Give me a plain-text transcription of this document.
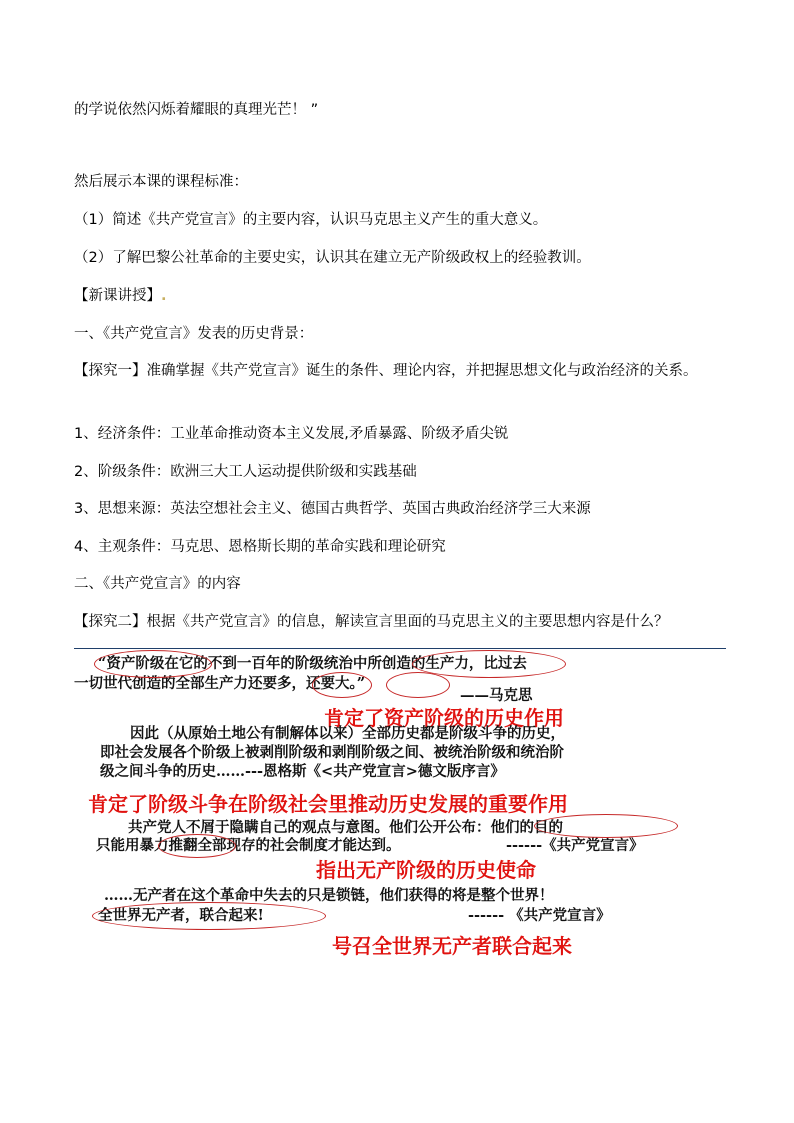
的学说依然闪烁着耀眼的真理光芒！ ”
然后展示本课的课程标准：
（1）简述《共产党宣言》的主要内容，认识马克思主义产生的重大意义。
（2）了解巴黎公社革命的主要史实，认识其在建立无产阶级政权上的经验教训。
【新课讲授】.
一、《共产党宣言》发表的历史背景：
【探究一】准确掌握《共产党宣言》诞生的条件、理论内容，并把握思想文化与政治经济的关系。
1、经济条件：工业革命推动资本主义发展,矛盾暴露、阶级矛盾尖锐
2、阶级条件：欧洲三大工人运动提供阶级和实践基础
3、思想来源：英法空想社会主义、德国古典哲学、英国古典政治经济学三大来源
4、主观条件：马克思、恩格斯长期的革命实践和理论研究
二、《共产党宣言》的内容
【探究二】根据《共产党宣言》的信息，解读宣言里面的马克思主义的主要思想内容是什么？
“资产阶级在它的不到一百年的阶级统治中所创造的生产力，比过去
一切世代创造的全部生产力还要多，还要大。”
——马克思
肯定了资产阶级的历史作用
因此（从原始土地公有制解体以来）全部历史都是阶级斗争的历史，
即社会发展各个阶级上被剥削阶级和剥削阶级之间、被统治阶级和统治阶
级之间斗争的历史……---恩格斯《<共产党宣言>德文版序言》
肯定了阶级斗争在阶级社会里推动历史发展的重要作用
共产党人不屑于隐瞒自己的观点与意图。他们公开公布：他们的目的
只能用暴力推翻全部现存的社会制度才能达到。	------《共产党宣言》
指出无产阶级的历史使命
……无产者在这个革命中失去的只是锁链，他们获得的将是整个世界！
全世界无产者，联合起来!	------ 《共产党宣言》
号召全世界无产者联合起来
